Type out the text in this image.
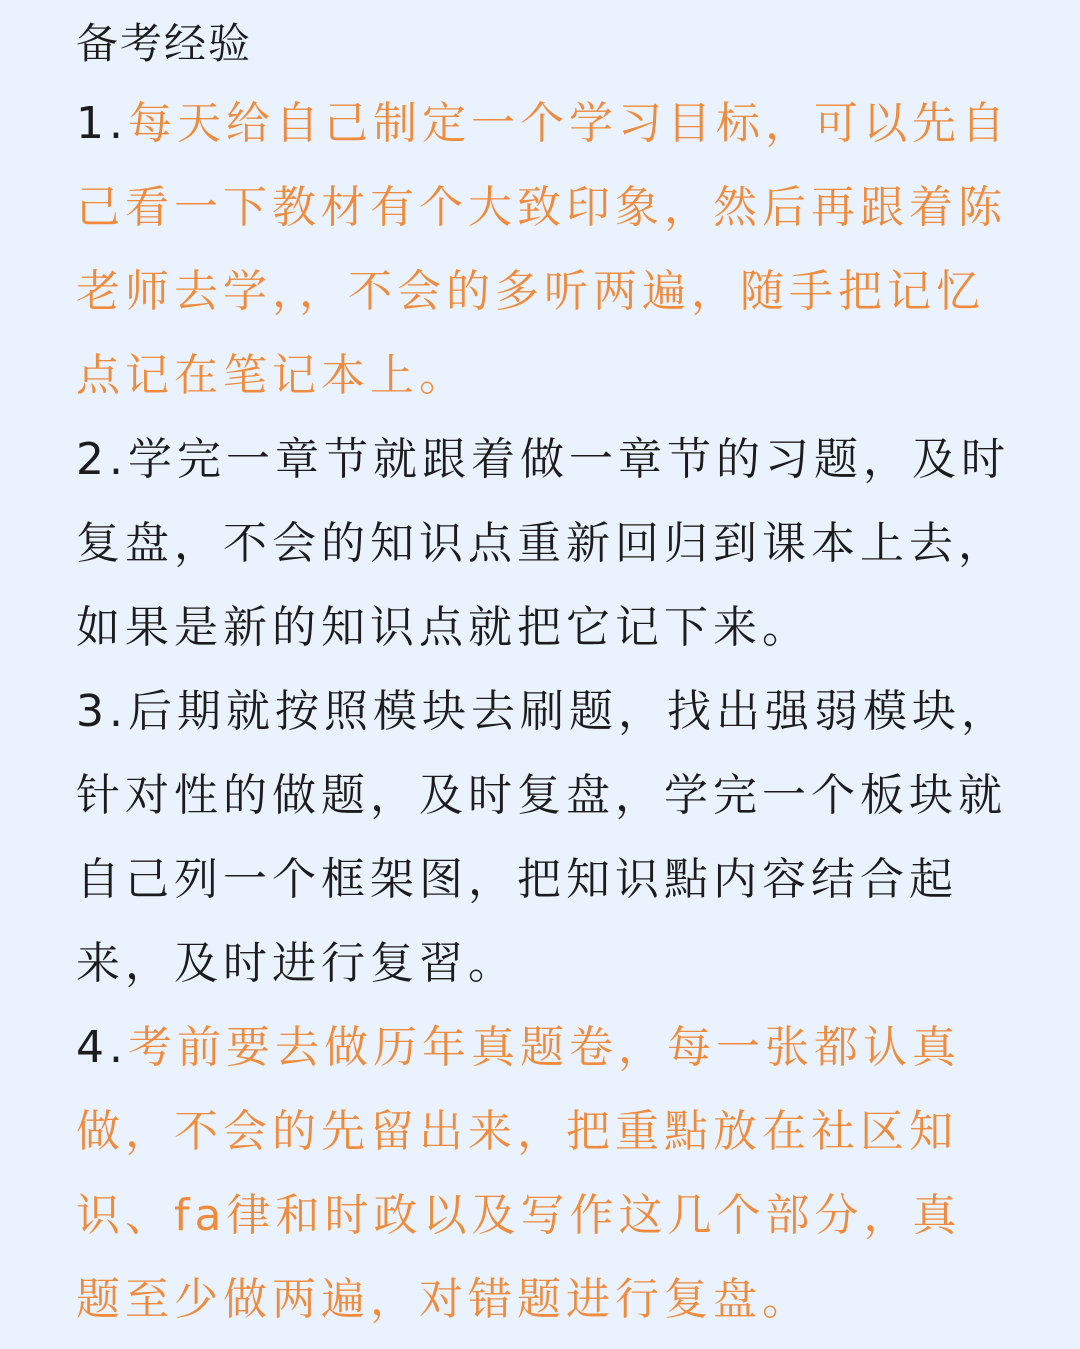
备考经验

1.每天给自己制定一个学习目标，可以先自己看一下教材有个大致印象，然后再跟着陈老师去学，，不会的多听两遍，随手把记忆点记在笔记本上。

2.学完一章节就跟着做一章节的习题，及时复盘，不会的知识点重新回归到课本上去，如果是新的知识点就把它记下来。

3.后期就按照模块去刷题，找出强弱模块，针对性的做题，及时复盘，学完一个板块就自己列一个框架图，把知识點内容结合起来，及时进行复習。

4.考前要去做历年真题卷，每一张都认真做，不会的先留出来，把重點放在社区知识、fa律和时政以及写作这几个部分，真题至少做两遍，对错题进行复盘。
